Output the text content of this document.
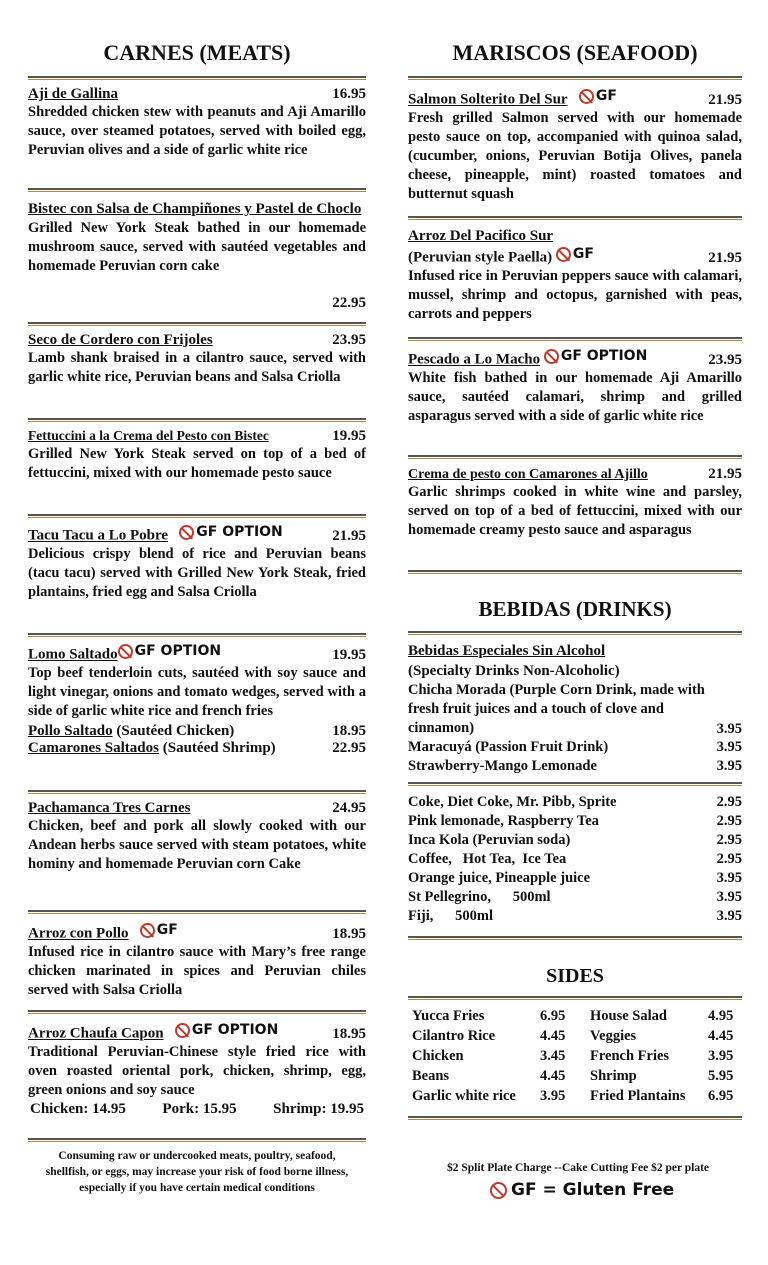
CARNES (MEATS)
Aji de Gallina	16.95
Shredded chicken stew with peanuts and Aji Amarillo sauce, over steamed potatoes, served with boiled egg, Peruvian olives and a side of garlic white rice
Bistec con Salsa de Champiñones y Pastel de Choclo
Grilled New York Steak bathed in our homemade mushroom sauce, served with sautéed vegetables and homemade Peruvian corn cake
22.95
Seco de Cordero con Frijoles	23.95
Lamb shank braised in a cilantro sauce, served with garlic white rice, Peruvian beans and Salsa Criolla
Fettuccini a la Crema del Pesto con Bistec	19.95
Grilled New York Steak served on top of a bed of fettuccini, mixed with our homemade pesto sauce
Tacu Tacu a Lo Pobre GF OPTION	21.95
Delicious crispy blend of rice and Peruvian beans (tacu tacu) served with Grilled New York Steak, fried plantains, fried egg and Salsa Criolla
Lomo Saltado GF OPTION	19.95
Top beef tenderloin cuts, sautéed with soy sauce and light vinegar, onions and tomato wedges, served with a side of garlic white rice and french fries
Pollo Saltado (Sautéed Chicken)	18.95
Camarones Saltados (Sautéed Shrimp)	22.95
Pachamanca Tres Carnes	24.95
Chicken, beef and pork all slowly cooked with our Andean herbs sauce served with steam potatoes, white hominy and homemade Peruvian corn Cake
Arroz con Pollo GF	18.95
Infused rice in cilantro sauce with Mary’s free range chicken marinated in spices and Peruvian chiles served with Salsa Criolla
Arroz Chaufa Capon GF OPTION	18.95
Traditional Peruvian-Chinese style fried rice with oven roasted oriental pork, chicken, shrimp, egg, green onions and soy sauce
Chicken: 14.95 Pork: 15.95 Shrimp: 19.95
Consuming raw or undercooked meats, poultry, seafood, shellfish, or eggs, may increase your risk of food borne illness, especially if you have certain medical conditions
MARISCOS (SEAFOOD)
Salmon Solterito Del Sur GF	21.95
Fresh grilled Salmon served with our homemade pesto sauce on top, accompanied with quinoa salad, (cucumber, onions, Peruvian Botija Olives, panela cheese, pineapple, mint) roasted tomatoes and butternut squash
Arroz Del Pacifico Sur
(Peruvian style Paella) GF	21.95
Infused rice in Peruvian peppers sauce with calamari, mussel, shrimp and octopus, garnished with peas, carrots and peppers
Pescado a Lo Macho GF OPTION	23.95
White fish bathed in our homemade Aji Amarillo sauce, sautéed calamari, shrimp and grilled asparagus served with a side of garlic white rice
Crema de pesto con Camarones al Ajillo	21.95
Garlic shrimps cooked in white wine and parsley, served on top of a bed of fettuccini, mixed with our homemade creamy pesto sauce and asparagus
BEBIDAS (DRINKS)
Bebidas Especiales Sin Alcohol
(Specialty Drinks Non-Alcoholic)
Chicha Morada (Purple Corn Drink, made with fresh fruit juices and a touch of clove and cinnamon)	3.95
Maracuyá (Passion Fruit Drink)	3.95
Strawberry-Mango Lemonade	3.95
Coke, Diet Coke, Mr. Pibb, Sprite	2.95
Pink lemonade, Raspberry Tea	2.95
Inca Kola (Peruvian soda)	2.95
Coffee,   Hot Tea,  Ice Tea	2.95
Orange juice, Pineapple juice	3.95
St Pellegrino,      500ml	3.95
Fiji,      500ml	3.95
SIDES
Yucca Fries	6.95	House Salad	4.95
Cilantro Rice	4.45	Veggies	4.45
Chicken	3.45	French Fries	3.95
Beans	4.45	Shrimp	5.95
Garlic white rice	3.95	Fried Plantains	6.95
$2 Split Plate Charge --Cake Cutting Fee $2 per plate
GF = Gluten Free
